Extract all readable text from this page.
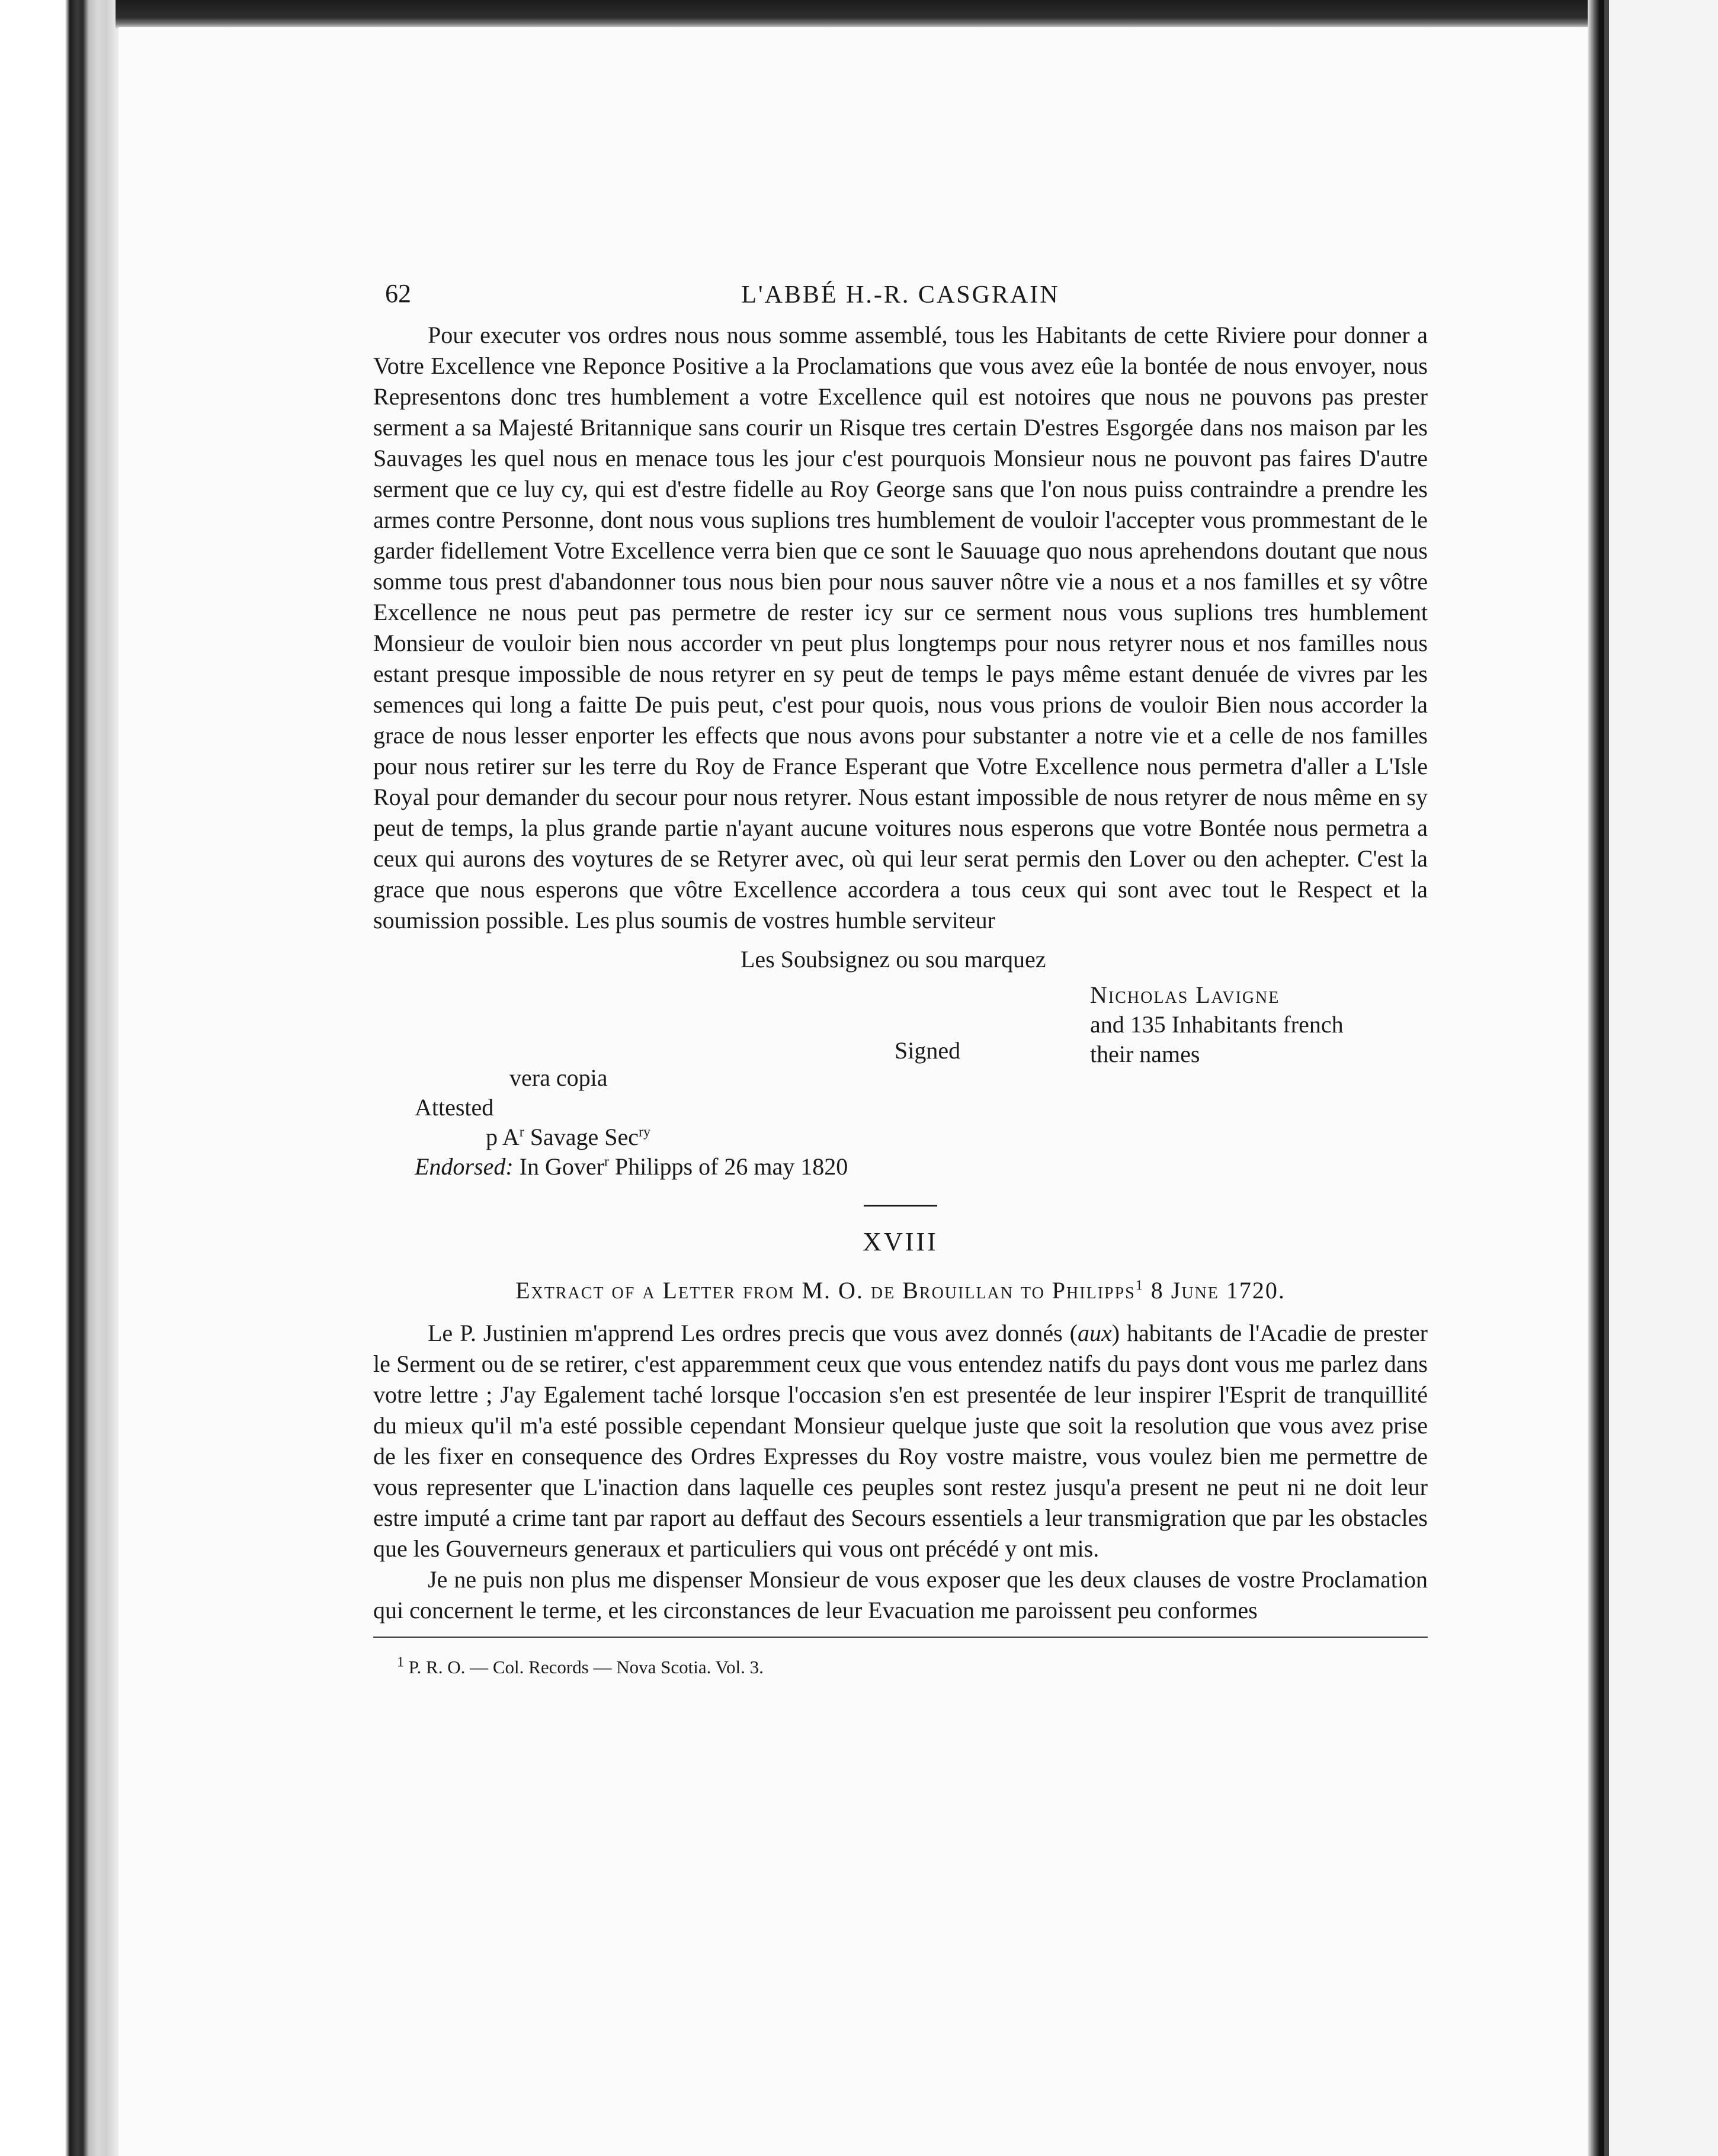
62	L'ABBÉ H.-R. CASGRAIN

Pour executer vos ordres nous nous somme assemblé, tous les Habitants de cette Riviere pour donner a Votre Excellence vne Reponce Positive a la Proclamations que vous avez eûe la bontée de nous envoyer, nous Representons donc tres humblement a votre Excellence quil est notoires que nous ne pouvons pas prester serment a sa Majesté Britannique sans courir un Risque tres certain D'estres Esgorgée dans nos maison par les Sauvages les quel nous en menace tous les jour c'est pourquois Monsieur nous ne pouvont pas faires D'autre serment que ce luy cy, qui est d'estre fidelle au Roy George sans que l'on nous puiss contraindre a prendre les armes contre Personne, dont nous vous suplions tres humblement de vouloir l'accepter vous prommestant de le garder fidellement Votre Excellence verra bien que ce sont le Sauuage quo nous aprehendons doutant que nous somme tous prest d'abandonner tous nous bien pour nous sauver nôtre vie a nous et a nos familles et sy vôtre Excellence ne nous peut pas permetre de rester icy sur ce serment nous vous suplions tres humblement Monsieur de vouloir bien nous accorder vn peut plus longtemps pour nous retyrer nous et nos familles nous estant presque impossible de nous retyrer en sy peut de temps le pays même estant denuée de vivres par les semences qui long a faitte De puis peut, c'est pour quois, nous vous prions de vouloir Bien nous accorder la grace de nous lesser enporter les effects que nous avons pour substanter a notre vie et a celle de nos familles pour nous retirer sur les terre du Roy de France Esperant que Votre Excellence nous permetra d'aller a L'Isle Royal pour demander du secour pour nous retyrer. Nous estant impossible de nous retyrer de nous même en sy peut de temps, la plus grande partie n'ayant aucune voitures nous esperons que votre Bontée nous permetra a ceux qui aurons des voytures de se Retyrer avec, où qui leur serat permis den Lover ou den achepter. C'est la grace que nous esperons que vôtre Excellence accordera a tous ceux qui sont avec tout le Respect et la soumission possible. Les plus soumis de vostres humble serviteur

Les Soubsignez ou sou marquez
Nicholas Lavigne
and 135 Inhabitants french
Signed	their names
vera copia
Attested
p $A^r$ Savage Sec$^{ry}$
Endorsed: In Gover$^r$ Philipps of 26 may 1820
XVIII
Extract of a Letter from M. O. de Brouillan to Philipps$^1$ 8 June 1720.

Le P. Justinien m'apprend Les ordres precis que vous avez donnés (aux) habitants de l'Acadie de prester le Serment ou de se retirer, c'est apparemment ceux que vous entendez natifs du pays dont vous me parlez dans votre lettre ; J'ay Egalement taché lorsque l'occasion s'en est presentée de leur inspirer l'Esprit de tranquillité du mieux qu'il m'a esté possible cependant Monsieur quelque juste que soit la resolution que vous avez prise de les fixer en consequence des Ordres Expresses du Roy vostre maistre, vous voulez bien me permettre de vous representer que L'inaction dans laquelle ces peuples sont restez jusqu'a present ne peut ni ne doit leur estre imputé a crime tant par raport au deffaut des Secours essentiels a leur transmigration que par les obstacles que les Gouverneurs generaux et particuliers qui vous ont précédé y ont mis.

Je ne puis non plus me dispenser Monsieur de vous exposer que les deux clauses de vostre Proclamation qui concernent le terme, et les circonstances de leur Evacuation me paroissent peu conformes

$^1$ P. R. O. — Col. Records — Nova Scotia. Vol. 3.
